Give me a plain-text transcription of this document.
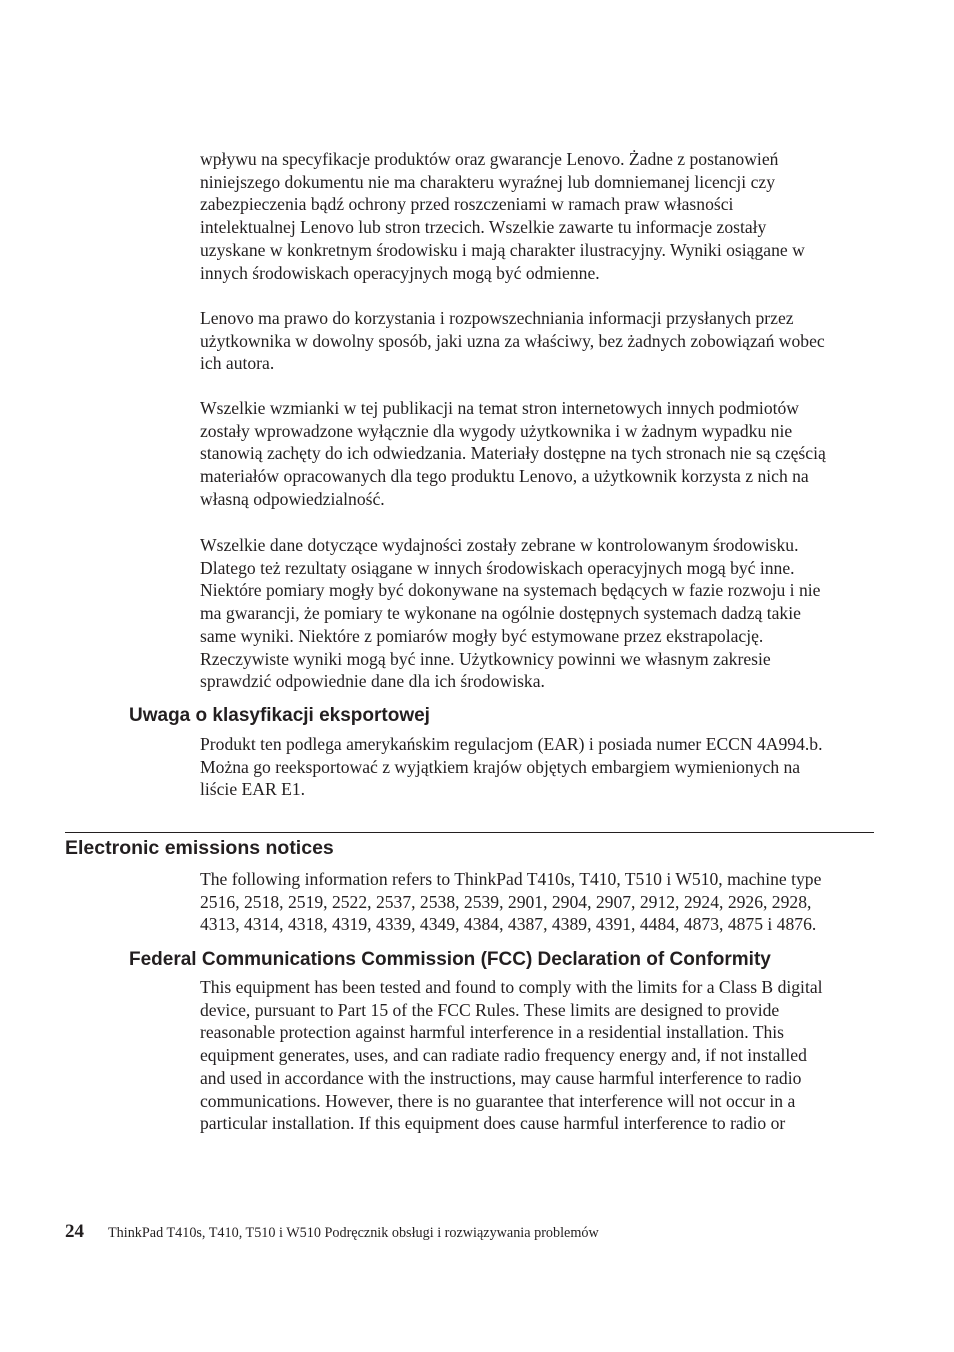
wpływu na specyfikacje produktów oraz gwarancje Lenovo. Żadne z postanowień
niniejszego dokumentu nie ma charakteru wyraźnej lub domniemanej licencji czy
zabezpieczenia bądź ochrony przed roszczeniami w ramach praw własności
intelektualnej Lenovo lub stron trzecich. Wszelkie zawarte tu informacje zostały
uzyskane w konkretnym środowisku i mają charakter ilustracyjny. Wyniki osiągane w
innych środowiskach operacyjnych mogą być odmienne.

Lenovo ma prawo do korzystania i rozpowszechniania informacji przysłanych przez
użytkownika w dowolny sposób, jaki uzna za właściwy, bez żadnych zobowiązań wobec
ich autora.

Wszelkie wzmianki w tej publikacji na temat stron internetowych innych podmiotów
zostały wprowadzone wyłącznie dla wygody użytkownika i w żadnym wypadku nie
stanowią zachęty do ich odwiedzania. Materiały dostępne na tych stronach nie są częścią
materiałów opracowanych dla tego produktu Lenovo, a użytkownik korzysta z nich na
własną odpowiedzialność.

Wszelkie dane dotyczące wydajności zostały zebrane w kontrolowanym środowisku.
Dlatego też rezultaty osiągane w innych środowiskach operacyjnych mogą być inne.
Niektóre pomiary mogły być dokonywane na systemach będących w fazie rozwoju i nie
ma gwarancji, że pomiary te wykonane na ogólnie dostępnych systemach dadzą takie
same wyniki. Niektóre z pomiarów mogły być estymowane przez ekstrapolację.
Rzeczywiste wyniki mogą być inne. Użytkownicy powinni we własnym zakresie
sprawdzić odpowiednie dane dla ich środowiska.

Uwaga o klasyfikacji eksportowej

Produkt ten podlega amerykańskim regulacjom (EAR) i posiada numer ECCN 4A994.b.
Można go reeksportować z wyjątkiem krajów objętych embargiem wymienionych na
liście EAR E1.

Electronic emissions notices

The following information refers to ThinkPad T410s, T410, T510 i W510, machine type
2516, 2518, 2519, 2522, 2537, 2538, 2539, 2901, 2904, 2907, 2912, 2924, 2926, 2928,
4313, 4314, 4318, 4319, 4339, 4349, 4384, 4387, 4389, 4391, 4484, 4873, 4875 i 4876.

Federal Communications Commission (FCC) Declaration of Conformity

This equipment has been tested and found to comply with the limits for a Class B digital
device, pursuant to Part 15 of the FCC Rules. These limits are designed to provide
reasonable protection against harmful interference in a residential installation. This
equipment generates, uses, and can radiate radio frequency energy and, if not installed
and used in accordance with the instructions, may cause harmful interference to radio
communications. However, there is no guarantee that interference will not occur in a
particular installation. If this equipment does cause harmful interference to radio or

24 ThinkPad T410s, T410, T510 i W510 Podręcznik obsługi i rozwiązywania problemów
